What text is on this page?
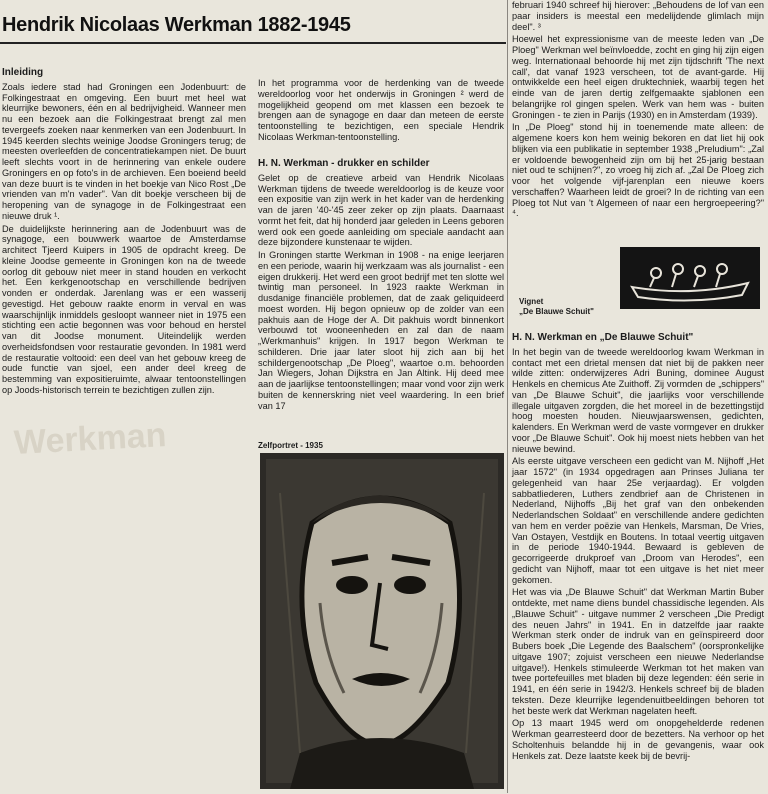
Werkman
Hendrik Nicolaas Werkman 1882-1945
Inleiding

Zoals iedere stad had Groningen een Jodenbuurt: de Folkingestraat en omgeving. Een buurt met heel wat kleurrijke bewoners, één en al bedrijvigheid. Wanneer men nu een bezoek aan die Folkingestraat brengt zal men tevergeefs zoeken naar kenmerken van een Jodenbuurt. In 1945 keerden slechts weinige Joodse Groningers terug; de meesten overleefden de concentratiekampen niet. De buurt leeft slechts voort in de herinnering van enkele oudere Groningers en op foto's in de archieven. Een boeiend beeld van deze buurt is te vinden in het boekje van Nico Rost „De vrienden van m'n vader". Van dit boekje verscheen bij de heropening van de synagoge in de Folkingestraat een nieuwe druk ¹.

De duidelijkste herinnering aan de Jodenbuurt was de synagoge, een bouwwerk waartoe de Amsterdamse architect Tjeerd Kuipers in 1905 de opdracht kreeg. De kleine Joodse gemeente in Groningen kon na de tweede oorlog dit gebouw niet meer in stand houden en verkocht het. Een kerkgenootschap en verschillende bedrijven vonden er onderdak. Jarenlang was er een wasserij gevestigd. Het gebouw raakte enorm in verval en was waarschijnlijk inmiddels gesloopt wanneer niet in 1975 een stichting een actie begonnen was voor behoud en herstel van dit Joodse monument. Uiteindelijk werden overheidsfondsen voor restauratie gevonden. In 1981 werd de restauratie voltooid: een deel van het gebouw kreeg de oude functie van sjoel, een ander deel kreeg de bestemming van expositieruimte, alwaar tentoonstellingen op Joods-historisch terrein te bezichtigen zullen zijn.

In het programma voor de herdenking van de tweede wereldoorlog voor het onderwijs in Groningen ² werd de mogelijkheid geopend om met klassen een bezoek te brengen aan de synagoge en daar dan meteen de eerste tentoonstelling te bezichtigen, een speciale Hendrik Nicolaas Werkman-tentoonstelling.

H. N. Werkman - drukker en schilder

Gelet op de creatieve arbeid van Hendrik Nicolaas Werkman tijdens de tweede wereldoorlog is de keuze voor een expositie van zijn werk in het kader van de herdenking van de jaren '40-'45 zeer zeker op zijn plaats. Daarnaast vormt het feit, dat hij honderd jaar geleden in Leens geboren werd ook een goede aanleiding om speciale aandacht aan deze bijzondere kunstenaar te wijden.

In Groningen startte Werkman in 1908 - na enige leerjaren en een periode, waarin hij werkzaam was als journalist - een eigen drukkerij. Het werd een groot bedrijf met ten slotte wel twintig man personeel. In 1923 raakte Werkman in dusdanige financiële problemen, dat de zaak geliquideerd moest worden. Hij begon opnieuw op de zolder van een pakhuis aan de Hoge der A. Dit pakhuis wordt binnenkort verbouwd tot wooneenheden en zal dan de naam „Werkmanhuis" krijgen. In 1917 begon Werkman te schilderen. Drie jaar later sloot hij zich aan bij het schildergenootschap „De Ploeg", waartoe o.m. behoorden Jan Wiegers, Johan Dijkstra en Jan Altink. Hij deed mee aan de jaarlijkse tentoonstellingen; maar vond voor zijn werk buiten de kennerskring niet veel waardering. In een brief van 17

Zelfportret - 1935

februari 1940 schreef hij hierover: „Behoudens de lof van een paar insiders is meestal een medelijdende glimlach mijn deel". ³

Hoewel het expressionisme van de meeste leden van „De Ploeg" Werkman wel beïnvloedde, zocht en ging hij zijn eigen weg. Internationaal behoorde hij met zijn tijdschrift 'The next call', dat vanaf 1923 verscheen, tot de avant-garde. Hij ontwikkelde een heel eigen druktechniek, waarbij tegen het einde van de jaren dertig zelfgemaakte sjablonen een belangrijke rol gingen spelen. Werk van hem was - buiten Groningen - te zien in Parijs (1930) en in Amsterdam (1939).

In „De Ploeg" stond hij in toenemende mate alleen: de algemene koers kon hem weinig bekoren en dat liet hij ook blijken via een publikatie in september 1938 „Preludium": „Zal er voldoende bewogenheid zijn om bij het 25-jarig bestaan niet oud te schijnen?", zo vroeg hij zich af. „Zal De Ploeg zich voor het volgende vijf-jarenplan een nieuwe koers verschaffen? Waarheen leidt de groei? In de richting van een Ploeg tot Nut van 't Algemeen of naar een hergroepeering?" ⁴.

Vignet
„De Blauwe Schuit"

H. N. Werkman en „De Blauwe Schuit"

In het begin van de tweede wereldoorlog kwam Werkman in contact met een drietal mensen dat niet bij de pakken neer wilde zitten: onderwijzeres Adri Buning, dominee August Henkels en chemicus Ate Zuithoff. Zij vormden de „schippers" van „De Blauwe Schuit", die jaarlijks voor verschillende illegale uitgaven zorgden, die het moreel in de bezettingstijd hoog moesten houden. Nieuwjaarswensen, gedichten, kalenders. En Werkman werd de vaste vormgever en drukker voor „De Blauwe Schuit". Ook hij moest niets hebben van het nieuwe bewind.

Als eerste uitgave verscheen een gedicht van M. Nijhoff „Het jaar 1572" (in 1934 opgedragen aan Prinses Juliana ter gelegenheid van haar 25e verjaardag). Er volgden sabbatliederen, Luthers zendbrief aan de Christenen in Nederland, Nijhoffs „Bij het graf van den onbekenden Nederlandschen Soldaat" en verschillende andere gedichten van hem en verder poëzie van Henkels, Marsman, De Vries, Van Ostayen, Vestdijk en Boutens. In totaal veertig uitgaven in de periode 1940-1944. Bewaard is gebleven de gecorrigeerde drukproef van „Droom van Herodes", een gedicht van Nijhoff, maar tot een uitgave is het niet meer gekomen.

Het was via „De Blauwe Schuit" dat Werkman Martin Buber ontdekte, met name diens bundel chassidische legenden. Als „Blauwe Schuit" - uitgave nummer 2 verscheen „Die Predigt des neuen Jahrs" in 1941. En in datzelfde jaar raakte Werkman sterk onder de indruk van en geïnspireerd door Bubers boek „Die Legende des Baalschem" (oorspronkelijke uitgave 1907; zojuist verscheen een nieuwe Nederlandse uitgave!). Henkels stimuleerde Werkman tot het maken van twee portefeuilles met bladen bij deze legenden: één serie in 1941, en één serie in 1942/3. Henkels schreef bij de bladen teksten. Deze kleurrijke legendenuitbeeldingen behoren tot het beste werk dat Werkman nagelaten heeft.

Op 13 maart 1945 werd om onopgehelderde redenen Werkman gearresteerd door de bezetters. Na verhoor op het Scholtenhuis belandde hij in de gevangenis, waar ook Henkels zat. Deze laatste keek bij de bevrij-
